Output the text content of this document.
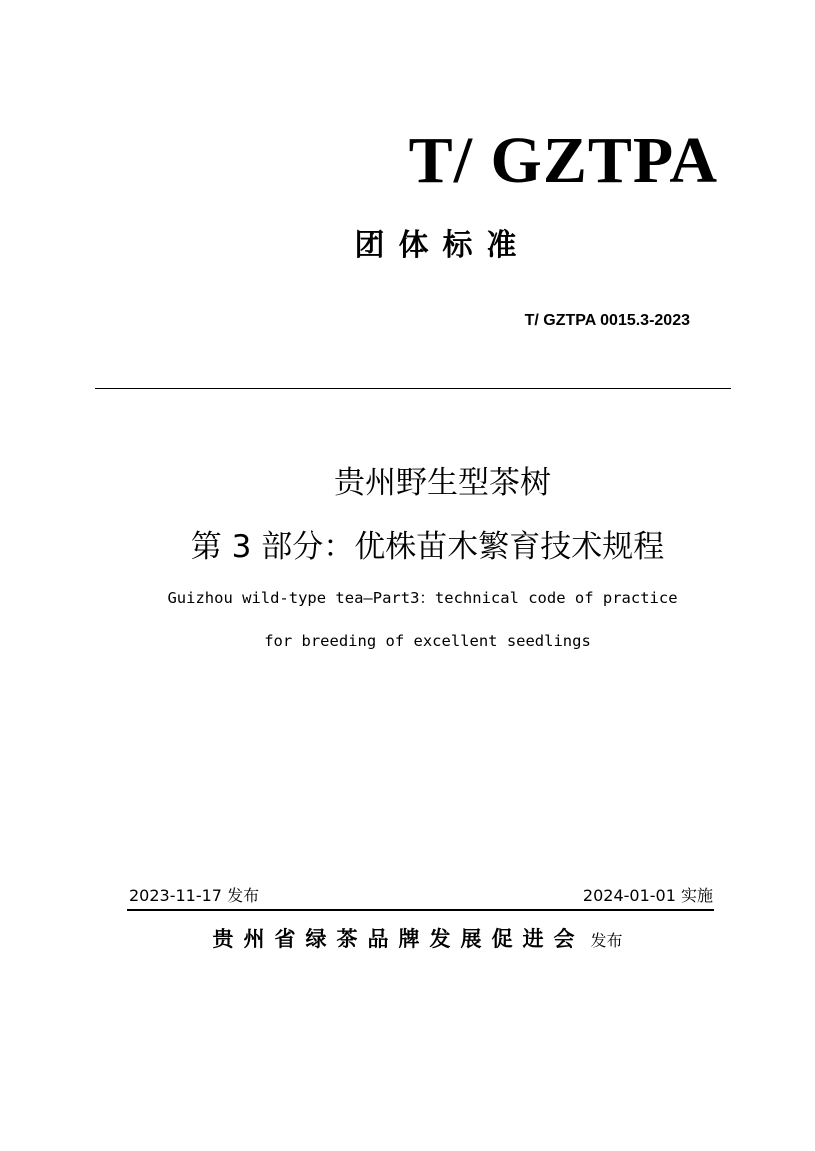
T/ GZTPA
团体标准
T/ GZTPA 0015.3-2023
贵州野生型茶树
第 3 部分：优株苗木繁育技术规程
Guizhou wild-type tea—Part3：technical code of practice
for breeding of excellent seedlings
2023-11-17 发布	2024-01-01 实施
贵州省绿茶品牌发展促进会 发布
